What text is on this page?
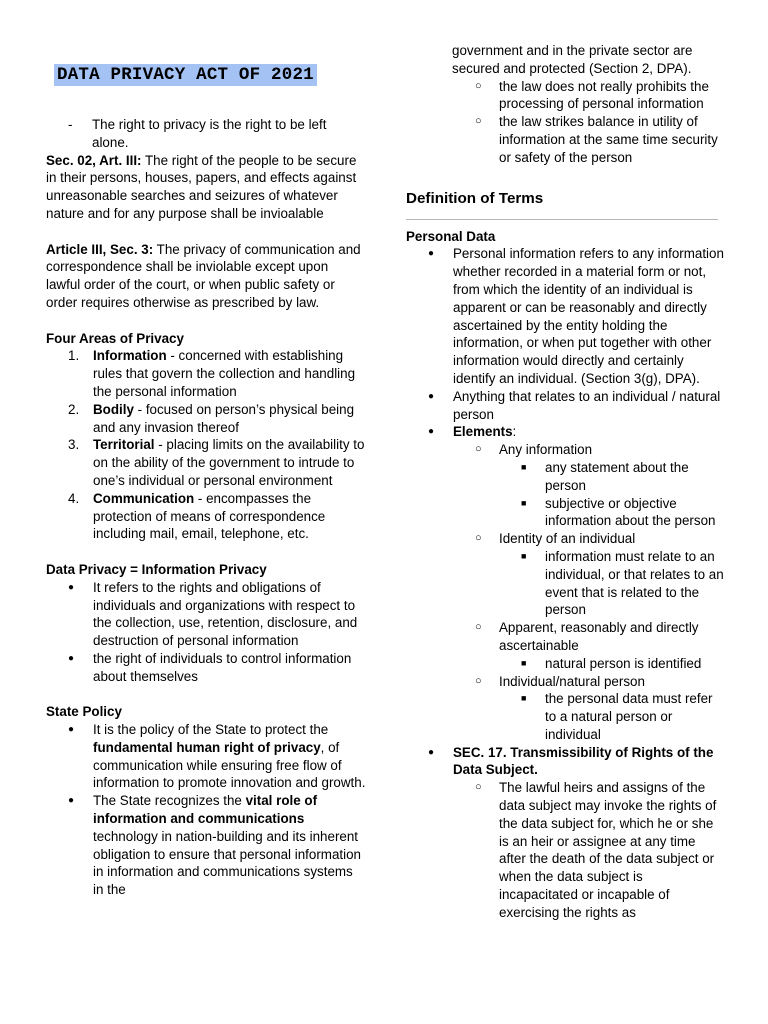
DATA PRIVACY ACT OF 2021
- The right to privacy is the right to be left alone.

Sec. 02, Art. III: The right of the people to be secure in their persons, houses, papers, and effects against unreasonable searches and seizures of whatever nature and for any purpose shall be invioalable

Article III, Sec. 3: The privacy of communication and correspondence shall be inviolable except upon lawful order of the court, or when public safety or order requires otherwise as prescribed by law.

Four Areas of Privacy

1. Information - concerned with establishing rules that govern the collection and handling the personal information
2. Bodily - focused on person’s physical being and any invasion thereof
3. Territorial - placing limits on the availability to on the ability of the government to intrude to one’s individual or personal environment
4. Communication - encompasses the protection of means of correspondence including mail, email, telephone, etc.

Data Privacy = Information Privacy

● It refers to the rights and obligations of individuals and organizations with respect to the collection, use, retention, disclosure, and destruction of personal information
● the right of individuals to control information about themselves

State Policy

● It is the policy of the State to protect the fundamental human right of privacy, of communication while ensuring free flow of information to promote innovation and growth.
● The State recognizes the vital role of information and communications technology in nation-building and its inherent obligation to ensure that personal information in information and communications systems in the

government and in the private sector are secured and protected (Section 2, DPA).

○ the law does not really prohibits the processing of personal information
○ the law strikes balance in utility of information at the same time security or safety of the person

Definition of Terms

Personal Data

● Personal information refers to any information whether recorded in a material form or not, from which the identity of an individual is apparent or can be reasonably and directly ascertained by the entity holding the information, or when put together with other information would directly and certainly identify an individual. (Section 3(g), DPA).
● Anything that relates to an individual / natural person
● Elements:
○ Any information
■ any statement about the person
■ subjective or objective information about the person
○ Identity of an individual
■ information must relate to an individual, or that relates to an event that is related to the person
○ Apparent, reasonably and directly ascertainable
■ natural person is identified
○ Individual/natural person
■ the personal data must refer to a natural person or individual
● SEC. 17. Transmissibility of Rights of the Data Subject.
○ The lawful heirs and assigns of the data subject may invoke the rights of the data subject for, which he or she is an heir or assignee at any time after the death of the data subject or when the data subject is incapacitated or incapable of exercising the rights as
